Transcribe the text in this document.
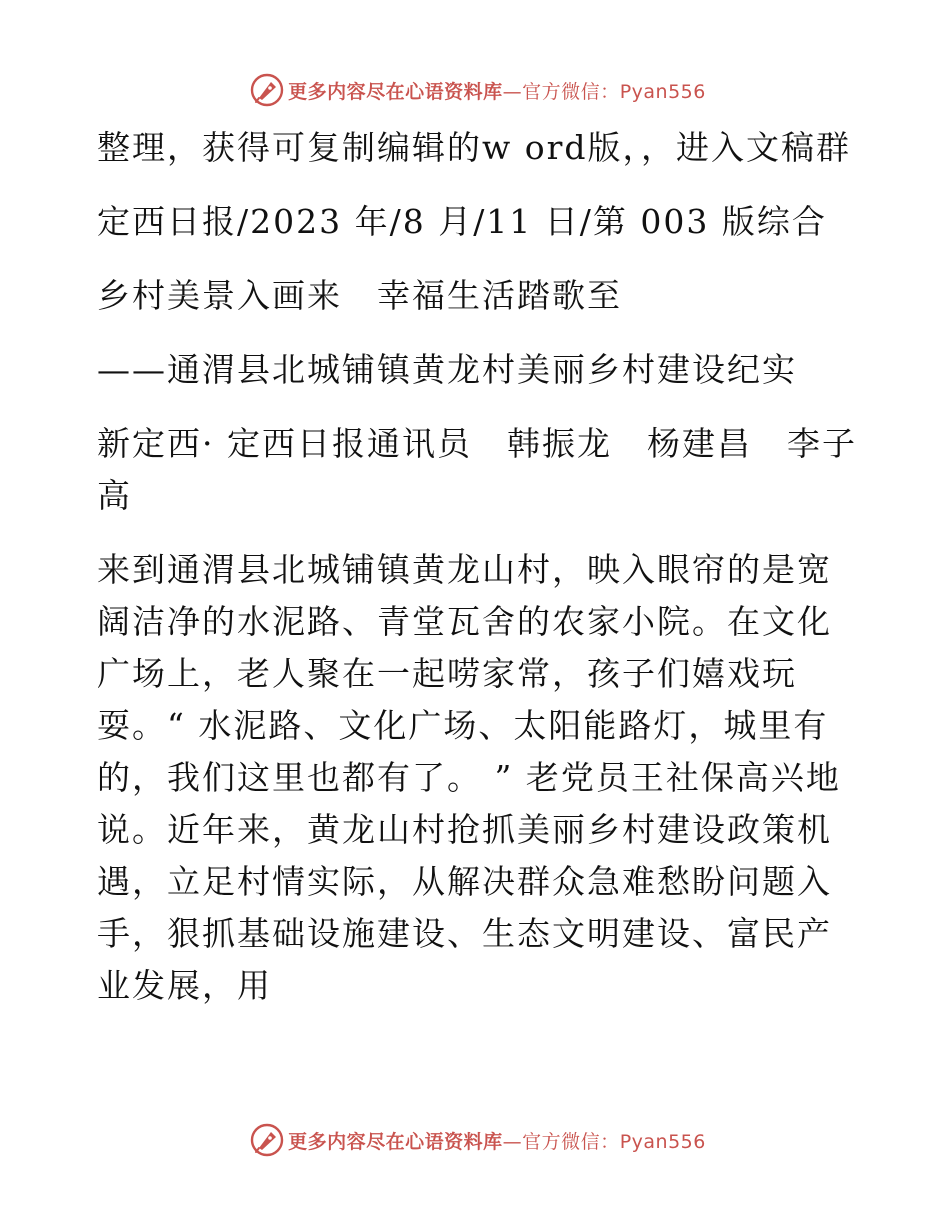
更多内容尽在心语资料库—官方微信：Pyan556

整理，获得可复制编辑的w ord版，，进入文稿群

定西日报/2023 年/8 月/11 日/第 003 版综合

乡村美景入画来　幸福生活踏歌至

——通渭县北城铺镇黄龙村美丽乡村建设纪实

新定西· 定西日报通讯员　韩振龙　杨建昌　李子高

来到通渭县北城铺镇黄龙山村，映入眼帘的是宽阔洁净的水泥路、青堂瓦舍的农家小院。在文化广场上，老人聚在一起唠家常，孩子们嬉戏玩耍。“ 水泥路、文化广场、太阳能路灯，城里有的，我们这里也都有了。 ” 老党员王社保高兴地说。近年来，黄龙山村抢抓美丽乡村建设政策机遇，立足村情实际，从解决群众急难愁盼问题入手，狠抓基础设施建设、生态文明建设、富民产业发展，用

更多内容尽在心语资料库—官方微信：Pyan556
